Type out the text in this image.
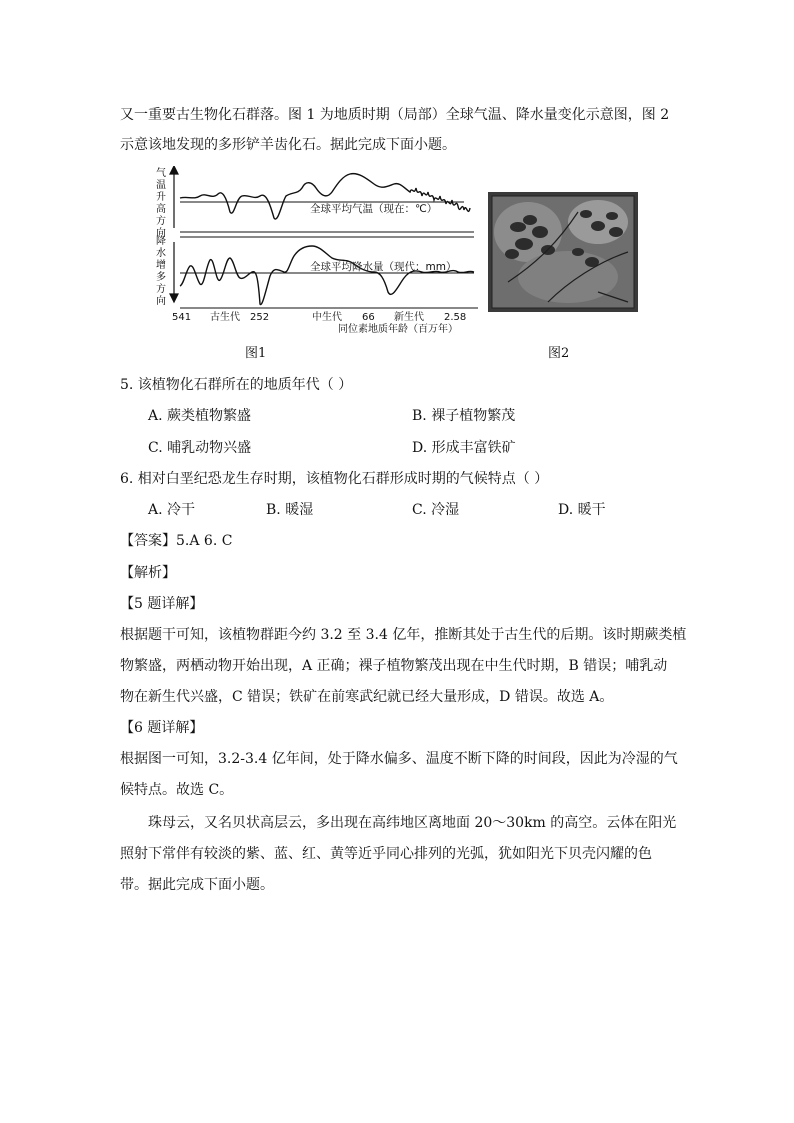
又一重要古生物化石群落。图 1 为地质时期（局部）全球气温、降水量变化示意图，图 2
示意该地发现的多形铲羊齿化石。据此完成下面小题。
气
温
升
高
方
向
降
水
增
多
方
向
全球平均气温（现在：℃）
全球平均降水量（现代：mm）
541	252	66	2.58
古生代	中生代	新生代
同位素地质年龄（百万年）
图1	图2
5. 该植物化石群所在的地质年代（ ）
A. 蕨类植物繁盛	B. 裸子植物繁茂
C. 哺乳动物兴盛	D. 形成丰富铁矿
6. 相对白垩纪恐龙生存时期，该植物化石群形成时期的气候特点（ ）
A. 冷干	B. 暖湿	C. 冷湿	D. 暖干
【答案】5.A 6. C
【解析】
【5 题详解】
根据题干可知，该植物群距今约 3.2 至 3.4 亿年，推断其处于古生代的后期。该时期蕨类植
物繁盛，两栖动物开始出现，A 正确；裸子植物繁茂出现在中生代时期，B 错误；哺乳动
物在新生代兴盛，C 错误；铁矿在前寒武纪就已经大量形成，D 错误。故选 A。
【6 题详解】
根据图一可知，3.2-3.4 亿年间，处于降水偏多、温度不断下降的时间段，因此为冷湿的气
候特点。故选 C。
珠母云，又名贝状高层云，多出现在高纬地区离地面 20～30km 的高空。云体在阳光
照射下常伴有较淡的紫、蓝、红、黄等近乎同心排列的光弧，犹如阳光下贝壳闪耀的色
带。据此完成下面小题。
